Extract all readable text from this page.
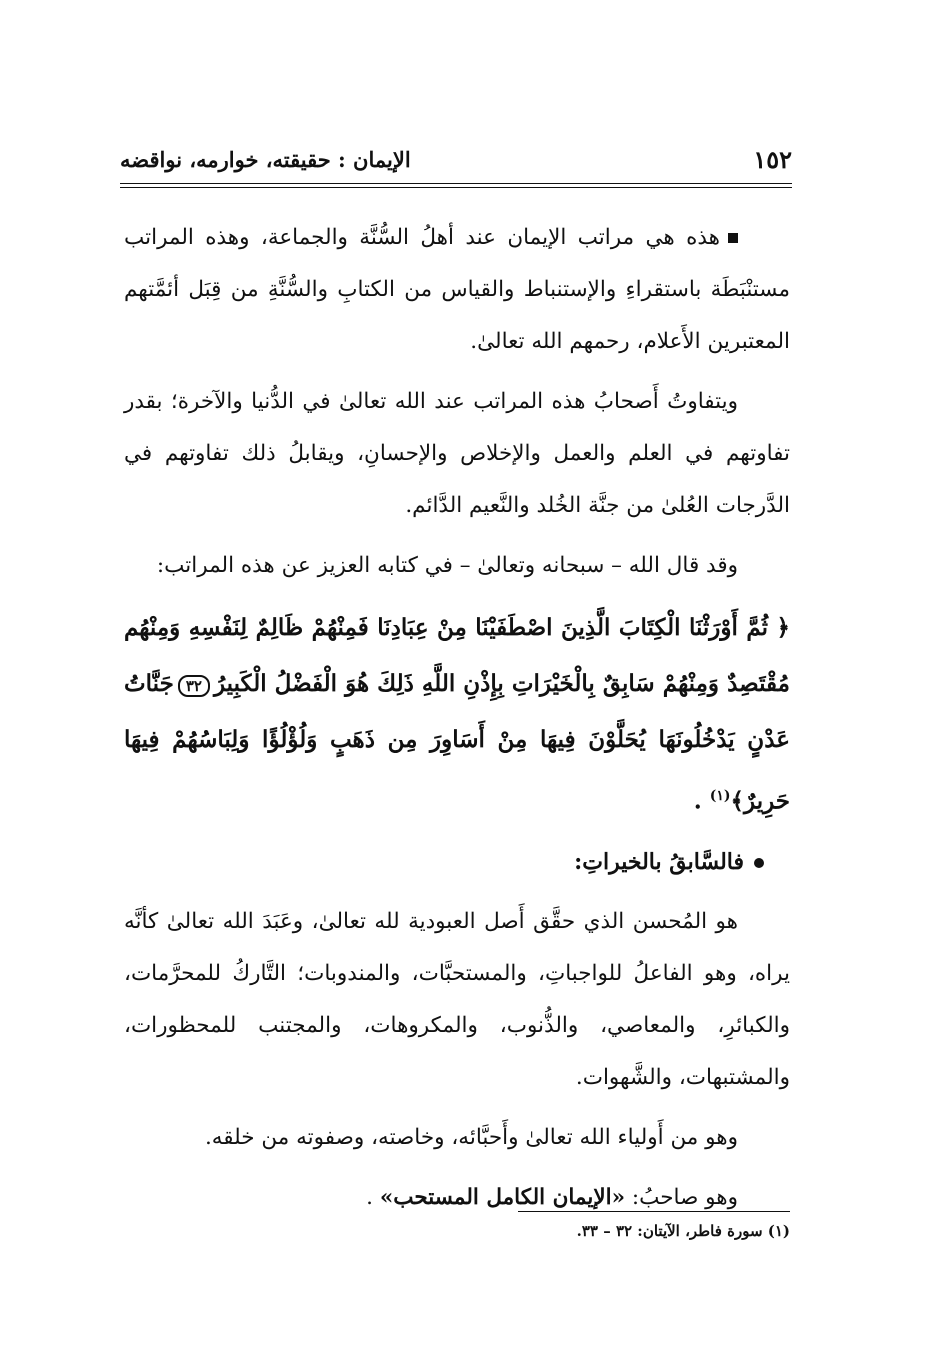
١٥٢
الإيمان : حقيقته، خوارمه، نواقضه

هذه هي مراتب الإيمان عند أهلُ السُّنَّة والجماعة، وهذه المراتب مستنْبَطَة باستقراءِ والإستنباط والقياس من الكتابِ والسُّنَّةِ من قِبَل أئمَّتهم المعتبرين الأَعلام، رحمهم الله تعالىٰ.

ويتفاوتُ أَصحابُ هذه المراتب عند الله تعالىٰ في الدُّنيا والآخرة؛ بقدر تفاوتهم في العلم والعمل والإخلاص والإحسانِ، ويقابلُ ذلك تفاوتهم في الدَّرجات العُلىٰ من جنَّة الخُلد والنَّعيم الدَّائم.

وقد قال الله – سبحانه وتعالىٰ – في كتابه العزيز عن هذه المراتب:

﴿ ثُمَّ أَوْرَثْنَا الْكِتَابَ الَّذِينَ اصْطَفَيْنَا مِنْ عِبَادِنَا فَمِنْهُمْ ظَالِمٌ لِنَفْسِهِ وَمِنْهُم مُقْتَصِدٌ وَمِنْهُمْ سَابِقٌ بِالْخَيْرَاتِ بِإِذْنِ اللَّهِ ذَلِكَ هُوَ الْفَضْلُ الْكَبِيرُ٣٢جَنَّاتُ عَدْنٍ يَدْخُلُونَهَا يُحَلَّوْنَ فِيهَا مِنْ أَسَاوِرَ مِن ذَهَبٍ وَلُؤْلُؤًا وَلِبَاسُهُمْ فِيهَا حَرِيرٌ﴾$^{(١)}$ .

فالسَّابقُ بالخيراتِ:

هو المُحسن الذي حقَّق أَصل العبودية لله تعالىٰ، وعَبَدَ الله تعالىٰ كأنَّه يراه، وهو الفاعلُ للواجباتِ، والمستحبَّات، والمندوبات؛ التَّاركُ للمحرَّمات، والكبائرِ، والمعاصي، والذُّنوب، والمكروهات، والمجتنب للمحظورات، والمشتبهات، والشَّهوات.

وهو من أَولياء الله تعالىٰ وأَحبَّائه، وخاصته، وصفوته من خلقه.

وهو صاحبُ: «الإيمان الكامل المستحب» .

(١) سورة فاطر، الآيتان: ٣٢ – ٣٣.
